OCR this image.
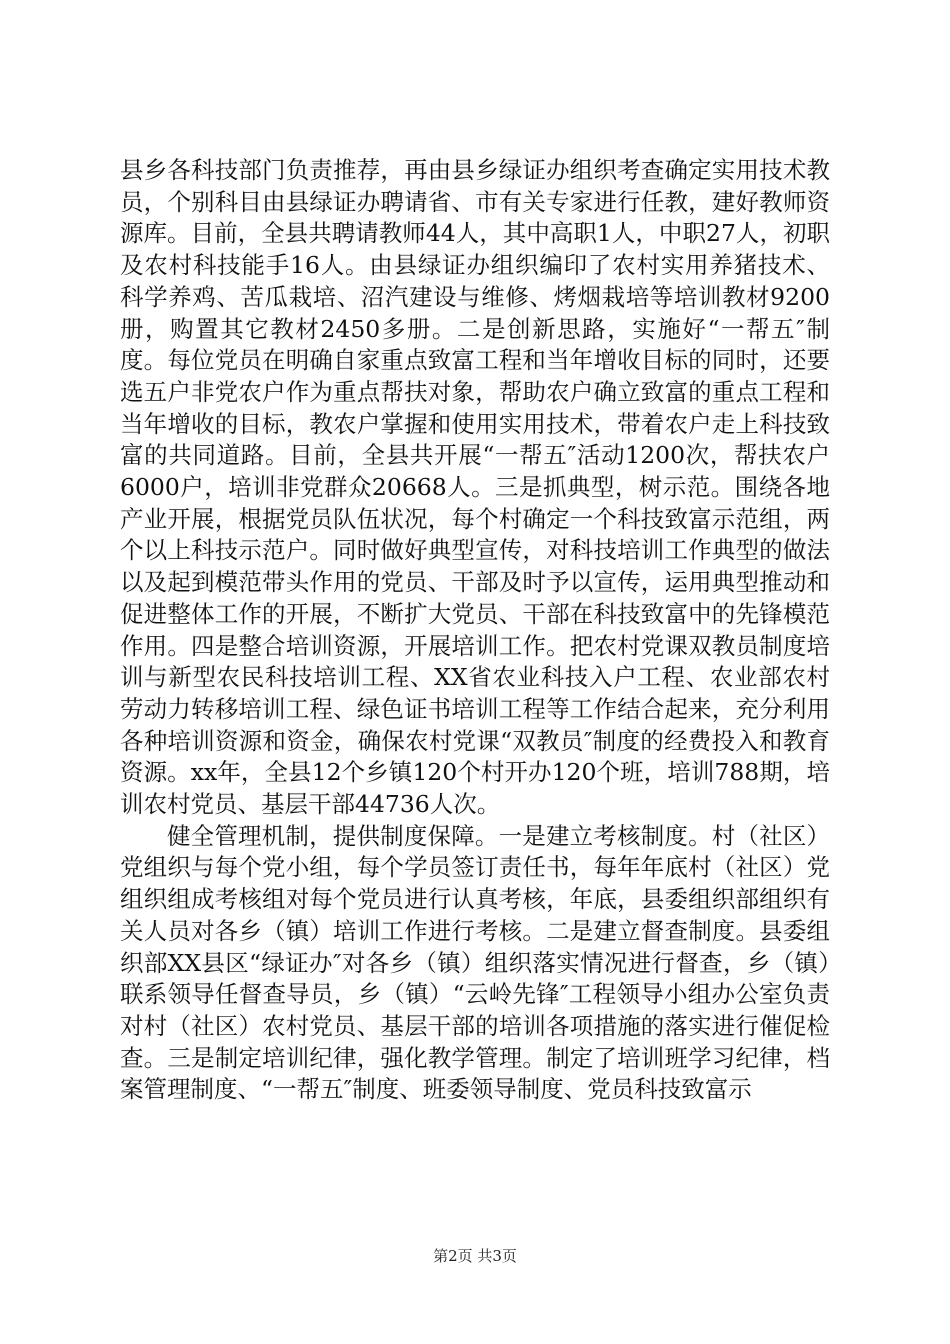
县乡各科技部门负责推荐，再由县乡绿证办组织考查确定实用技术教员，个别科目由县绿证办聘请省、市有关专家进行任教，建好教师资源库。目前，全县共聘请教师44人，其中高职1人，中职27人，初职及农村科技能手16人。由县绿证办组织编印了农村实用养猪技术、科学养鸡、苦瓜栽培、沼汽建设与维修、烤烟栽培等培训教材9200册，购置其它教材2450多册。二是创新思路，实施好“一帮五″制度。每位党员在明确自家重点致富工程和当年增收目标的同时，还要选五户非党农户作为重点帮扶对象，帮助农户确立致富的重点工程和当年增收的目标，教农户掌握和使用实用技术，带着农户走上科技致富的共同道路。目前，全县共开展“一帮五″活动1200次，帮扶农户6000户，培训非党群众20668人。三是抓典型，树示范。围绕各地产业开展，根据党员队伍状况，每个村确定一个科技致富示范组，两个以上科技示范户。同时做好典型宣传，对科技培训工作典型的做法以及起到模范带头作用的党员、干部及时予以宣传，运用典型推动和促进整体工作的开展，不断扩大党员、干部在科技致富中的先锋模范作用。四是整合培训资源，开展培训工作。把农村党课双教员制度培训与新型农民科技培训工程、XX省农业科技入户工程、农业部农村劳动力转移培训工程、绿色证书培训工程等工作结合起来，充分利用各种培训资源和资金，确保农村党课“双教员″制度的经费投入和教育资源。xx年，全县12个乡镇120个村开办120个班，培训788期，培训农村党员、基层干部44736人次。

健全管理机制，提供制度保障。一是建立考核制度。村（社区）党组织与每个党小组，每个学员签订责任书，每年年底村（社区）党组织组成考核组对每个党员进行认真考核，年底，县委组织部组织有关人员对各乡（镇）培训工作进行考核。二是建立督查制度。县委组织部XX县区“绿证办″对各乡（镇）组织落实情况进行督查，乡（镇）联系领导任督查导员，乡（镇）“云岭先锋″工程领导小组办公室负责对村（社区）农村党员、基层干部的培训各项措施的落实进行催促检查。三是制定培训纪律，强化教学管理。制定了培训班学习纪律，档案管理制度、“一帮五″制度、班委领导制度、党员科技致富示

第2页 共3页
